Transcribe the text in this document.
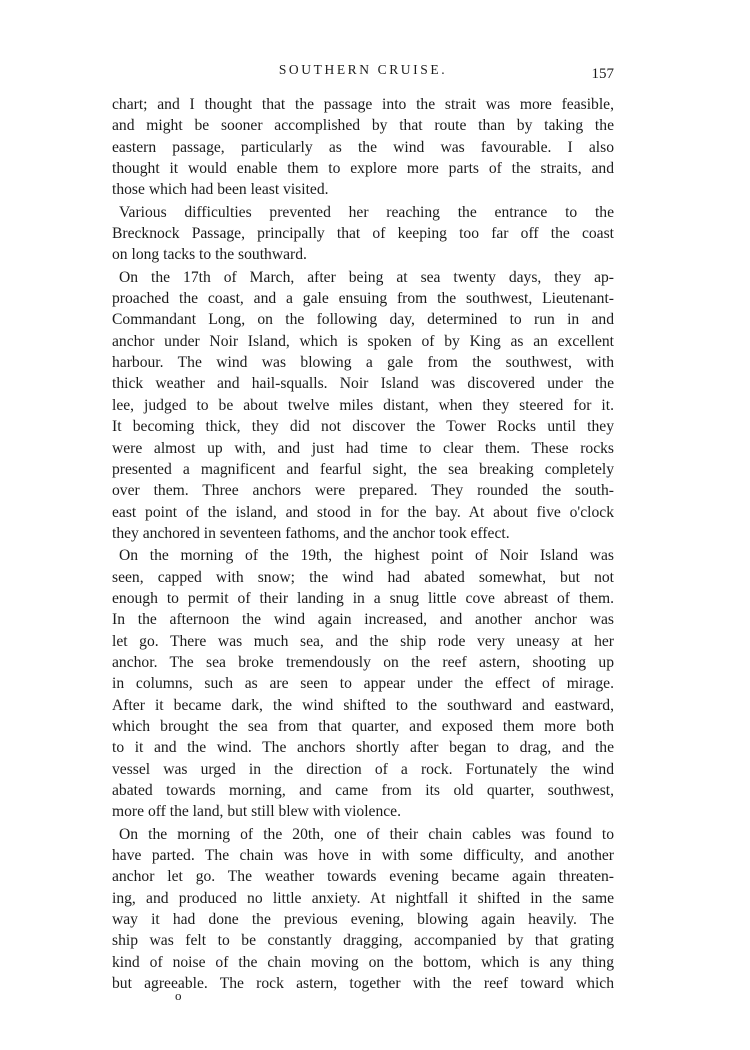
SOUTHERN CRUISE.	157
chart; and I thought that the passage into the strait was more feasible,
and might be sooner accomplished by that route than by taking the
eastern passage, particularly as the wind was favourable. I also
thought it would enable them to explore more parts of the straits, and
those which had been least visited.
Various difficulties prevented her reaching the entrance to the
Brecknock Passage, principally that of keeping too far off the coast
on long tacks to the southward.
On the 17th of March, after being at sea twenty days, they ap-
proached the coast, and a gale ensuing from the southwest, Lieutenant-
Commandant Long, on the following day, determined to run in and
anchor under Noir Island, which is spoken of by King as an excellent
harbour. The wind was blowing a gale from the southwest, with
thick weather and hail-squalls. Noir Island was discovered under the
lee, judged to be about twelve miles distant, when they steered for it.
It becoming thick, they did not discover the Tower Rocks until they
were almost up with, and just had time to clear them. These rocks
presented a magnificent and fearful sight, the sea breaking completely
over them. Three anchors were prepared. They rounded the south-
east point of the island, and stood in for the bay. At about five o'clock
they anchored in seventeen fathoms, and the anchor took effect.
On the morning of the 19th, the highest point of Noir Island was
seen, capped with snow; the wind had abated somewhat, but not
enough to permit of their landing in a snug little cove abreast of them.
In the afternoon the wind again increased, and another anchor was
let go. There was much sea, and the ship rode very uneasy at her
anchor. The sea broke tremendously on the reef astern, shooting up
in columns, such as are seen to appear under the effect of mirage.
After it became dark, the wind shifted to the southward and eastward,
which brought the sea from that quarter, and exposed them more both
to it and the wind. The anchors shortly after began to drag, and the
vessel was urged in the direction of a rock. Fortunately the wind
abated towards morning, and came from its old quarter, southwest,
more off the land, but still blew with violence.
On the morning of the 20th, one of their chain cables was found to
have parted. The chain was hove in with some difficulty, and another
anchor let go. The weather towards evening became again threaten-
ing, and produced no little anxiety. At nightfall it shifted in the same
way it had done the previous evening, blowing again heavily. The
ship was felt to be constantly dragging, accompanied by that grating
kind of noise of the chain moving on the bottom, which is any thing
but agreeable. The rock astern, together with the reef toward which
o
